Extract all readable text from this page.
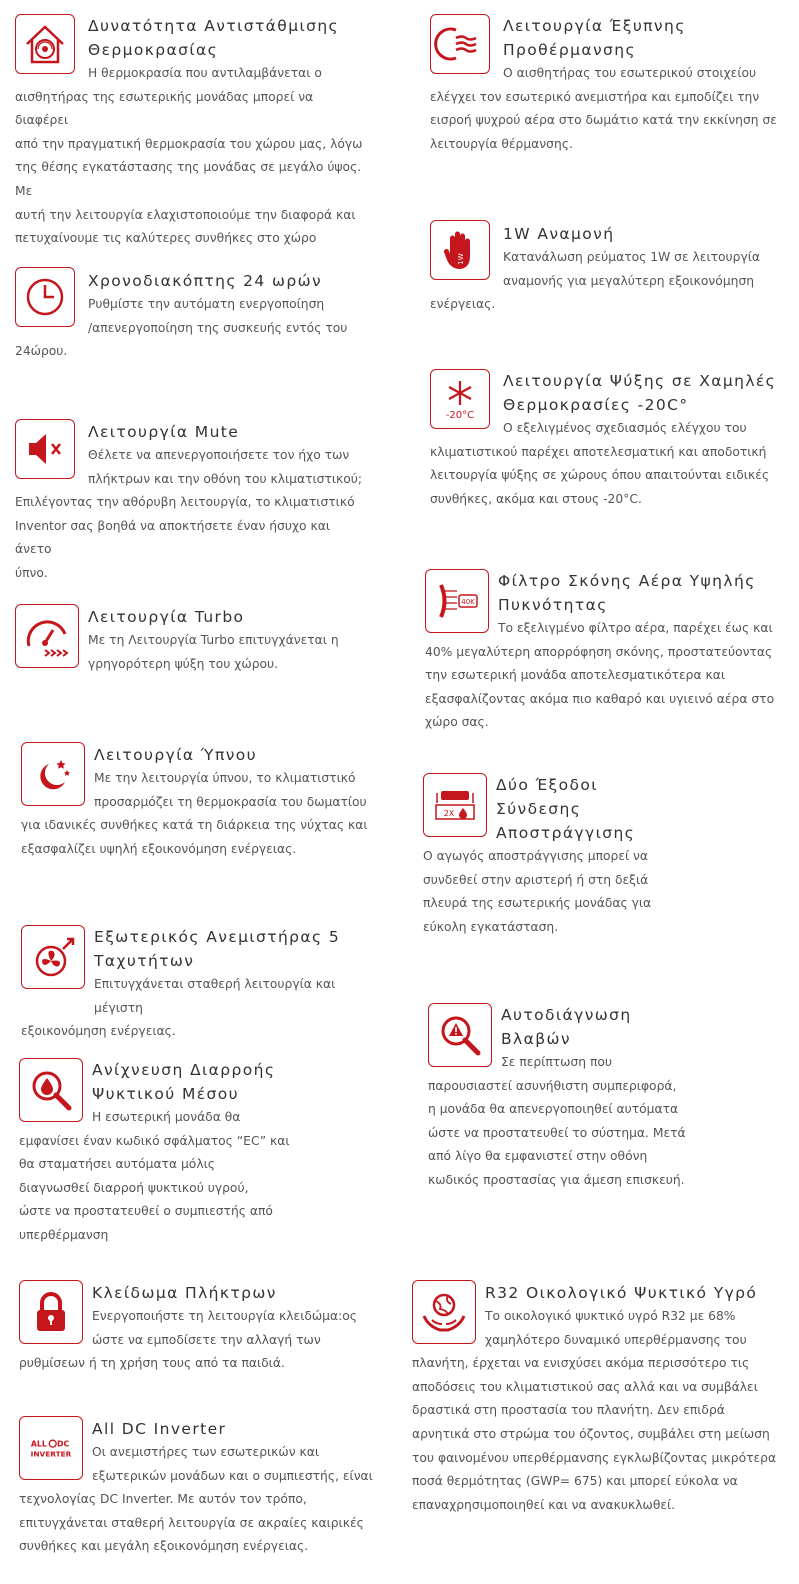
Δυνατότητα Αντιστάθμισης
Θερμοκρασίας
Η θερμοκρασία που αντιλαμβάνεται ο
αισθητήρας της εσωτερικής μονάδας μπορεί να διαφέρει
από την πραγματική θερμοκρασία του χώρου μας, λόγω
της θέσης εγκατάστασης της μονάδας σε μεγάλο ύψος. Με
αυτή την λειτουργία ελαχιστοποιούμε την διαφορά και
πετυχαίνουμε τις καλύτερες συνθήκες στο χώρο
Λειτουργία Έξυπνης
Προθέρμανσης
Ο αισθητήρας του εσωτερικού στοιχείου
ελέγχει τον εσωτερικό ανεμιστήρα και εμποδίζει την
εισροή ψυχρού αέρα στο δωμάτιο κατά την εκκίνηση σε
λειτουργία θέρμανσης.
1W
1W Αναμονή
Κατανάλωση ρεύματος 1W σε λειτουργία
αναμονής για μεγαλύτερη εξοικονόμηση
ενέργειας.
Χρονοδιακόπτης 24 ωρών
Ρυθμίστε την αυτόματη ενεργοποίηση
/απενεργοποίηση της συσκευής εντός του
24ώρου.
-20°C
Λειτουργία Ψύξης σε Χαμηλές
Θερμοκρασίες -20C°
Ο εξελιγμένος σχεδιασμός ελέγχου του
κλιματιστικού παρέχει αποτελεσματική και αποδοτική
λειτουργία ψύξης σε χώρους όπου απαιτούνται ειδικές
συνθήκες, ακόμα και στους -20°C.
Λειτουργία Mute
Θέλετε να απενεργοποιήσετε τον ήχο των
πλήκτρων και την οθόνη του κλιματιστικού;
Επιλέγοντας την αθόρυβη λειτουργία, το κλιματιστικό
Inventor σας βοηθά να αποκτήσετε έναν ήσυχο και άνετο
ύπνο.
40K
Φίλτρο Σκόνης Αέρα Υψηλής
Πυκνότητας
Το εξελιγμένο φίλτρο αέρα, παρέχει έως και
40% μεγαλύτερη απορρόφηση σκόνης, προστατεύοντας
την εσωτερική μονάδα αποτελεσματικότερα και
εξασφαλίζοντας ακόμα πιο καθαρό και υγιεινό αέρα στο
χώρο σας.
Λειτουργία Turbo
Με τη Λειτουργία Turbo επιτυγχάνεται η
γρηγορότερη ψύξη του χώρου.
Λειτουργία Ύπνου
Με την λειτουργία ύπνου, το κλιματιστικό
προσαρμόζει τη θερμοκρασία του δωματίου
για ιδανικές συνθήκες κατά τη διάρκεια της νύχτας και
εξασφαλίζει υψηλή εξοικονόμηση ενέργειας.
2X
Δύο Έξοδοι
Σύνδεσης
Αποστράγγισης
Ο αγωγός αποστράγγισης μπορεί να
συνδεθεί στην αριστερή ή στη δεξιά
πλευρά της εσωτερικής μονάδας για
εύκολη εγκατάσταση.
Εξωτερικός Ανεμιστήρας 5
Ταχυτήτων
Επιτυγχάνεται σταθερή λειτουργία και μέγιστη
εξοικονόμηση ενέργειας.
Αυτοδιάγνωση
Βλαβών
Σε περίπτωση που
παρουσιαστεί ασυνήθιστη συμπεριφορά,
η μονάδα θα απενεργοποιηθεί αυτόματα
ώστε να προστατευθεί το σύστημα. Μετά
από λίγο θα εμφανιστεί στην οθόνη
κωδικός προστασίας για άμεση επισκευή.
Ανίχνευση Διαρροής
Ψυκτικού Μέσου
Η εσωτερική μονάδα θα
εμφανίσει έναν κωδικό σφάλματος “EC” και
θα σταματήσει αυτόματα μόλις
διαγνωσθεί διαρροή ψυκτικού υγρού,
ώστε να προστατευθεί ο συμπιεστής από
υπερθέρμανση
Κλείδωμα Πλήκτρων
Ενεργοποιήστε τη λειτουργία κλειδώμα:ος
ώστε να εμποδίσετε την αλλαγή των
ρυθμίσεων ή τη χρήση τους από τα παιδιά.
R32 Οικολογικό Ψυκτικό Υγρό
Το οικολογικό ψυκτικό υγρό R32 με 68%
χαμηλότερο δυναμικό υπερθέρμανσης του
πλανήτη, έρχεται να ενισχύσει ακόμα περισσότερο τις
αποδόσεις του κλιματιστικού σας αλλά και να συμβάλει
δραστικά στη προστασία του πλανήτη. Δεν επιδρά
αρνητικά στο στρώμα του όζοντος, συμβάλει στη μείωση
του φαινομένου υπερθέρμανσης εγκλωβίζοντας μικρότερα
ποσά θερμότητας (GWP= 675) και μπορεί εύκολα να
επαναχρησιμοποιηθεί και να ανακυκλωθεί.
ALL DC
INVERTER
All DC Inverter
Οι ανεμιστήρες των εσωτερικών και
εξωτερικών μονάδων και ο συμπιεστής, είναι
τεχνολογίας DC Inverter. Με αυτόν τον τρόπο,
επιτυγχάνεται σταθερή λειτουργία σε ακραίες καιρικές
συνθήκες και μεγάλη εξοικονόμηση ενέργειας.
